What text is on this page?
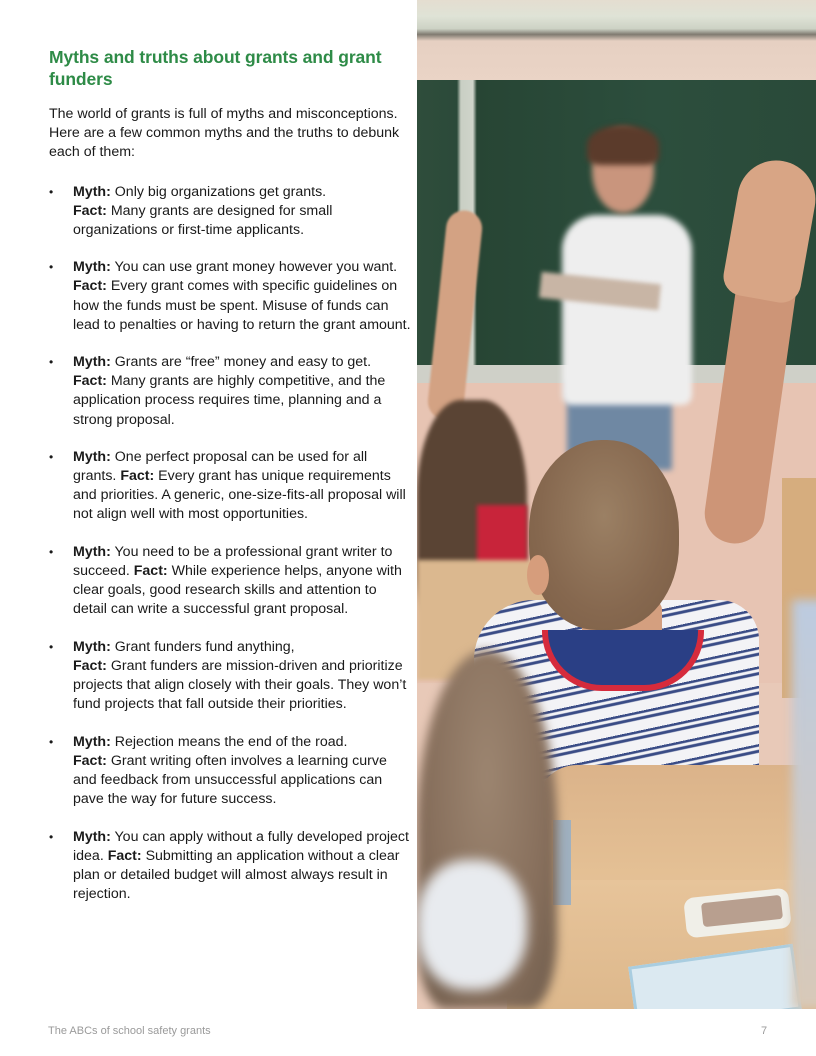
Myths and truths about grants and grant funders

The world of grants is full of myths and misconceptions. Here are a few common myths and the truths to debunk each of them:

• Myth: Only big organizations get grants.
Fact: Many grants are designed for small organizations or first-time applicants.
• Myth: You can use grant money however you want. Fact: Every grant comes with specific guidelines on how the funds must be spent. Misuse of funds can lead to penalties or having to return the grant amount.
• Myth: Grants are “free” money and easy to get.
Fact: Many grants are highly competitive, and the application process requires time, planning and a strong proposal.
• Myth: One perfect proposal can be used for all grants. Fact: Every grant has unique requirements and priorities. A generic, one-size-fits-all proposal will not align well with most opportunities.
• Myth: You need to be a professional grant writer to succeed. Fact: While experience helps, anyone with clear goals, good research skills and attention to detail can write a successful grant proposal.
• Myth: Grant funders fund anything,
Fact: Grant funders are mission-driven and prioritize projects that align closely with their goals. They won’t fund projects that fall outside their priorities.
• Myth: Rejection means the end of the road.
Fact: Grant writing often involves a learning curve and feedback from unsuccessful applications can pave the way for future success.
• Myth: You can apply without a fully developed project idea. Fact: Submitting an application without a clear plan or detailed budget will almost always result in rejection.
The ABCs of school safety grants	7
